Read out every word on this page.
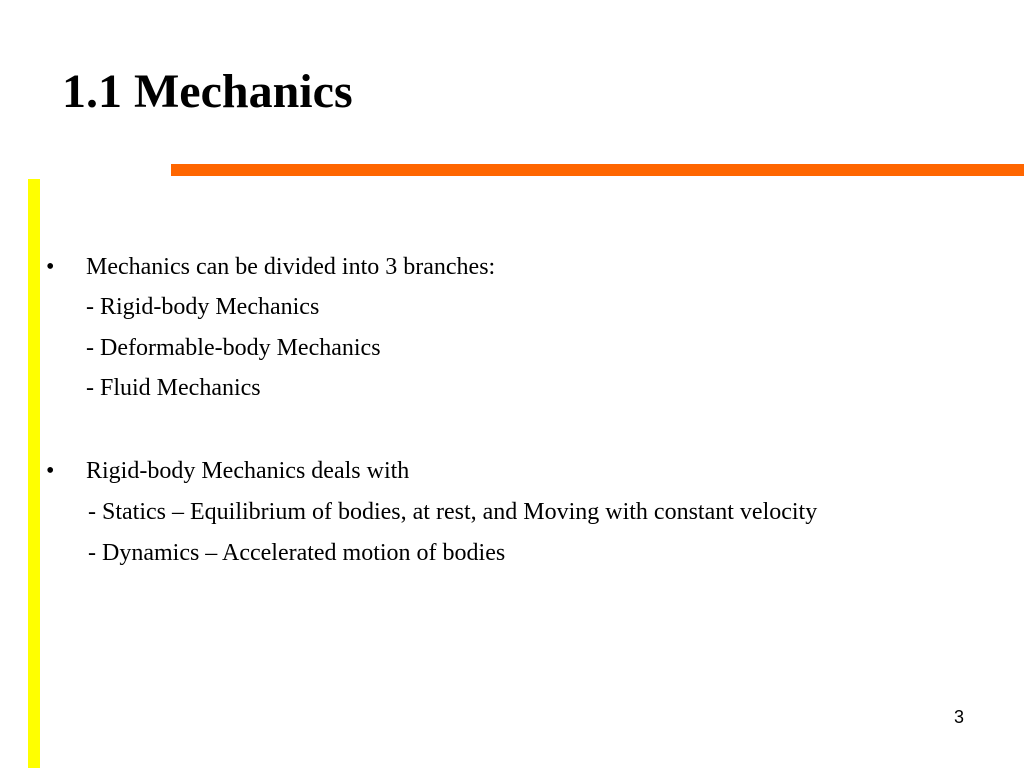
1.1 Mechanics
• Mechanics can be divided into 3 branches:
- Rigid-body Mechanics
- Deformable-body Mechanics
- Fluid Mechanics
• Rigid-body Mechanics deals with
- Statics – Equilibrium of bodies, at rest, and Moving with constant velocity
- Dynamics – Accelerated motion of bodies
3
